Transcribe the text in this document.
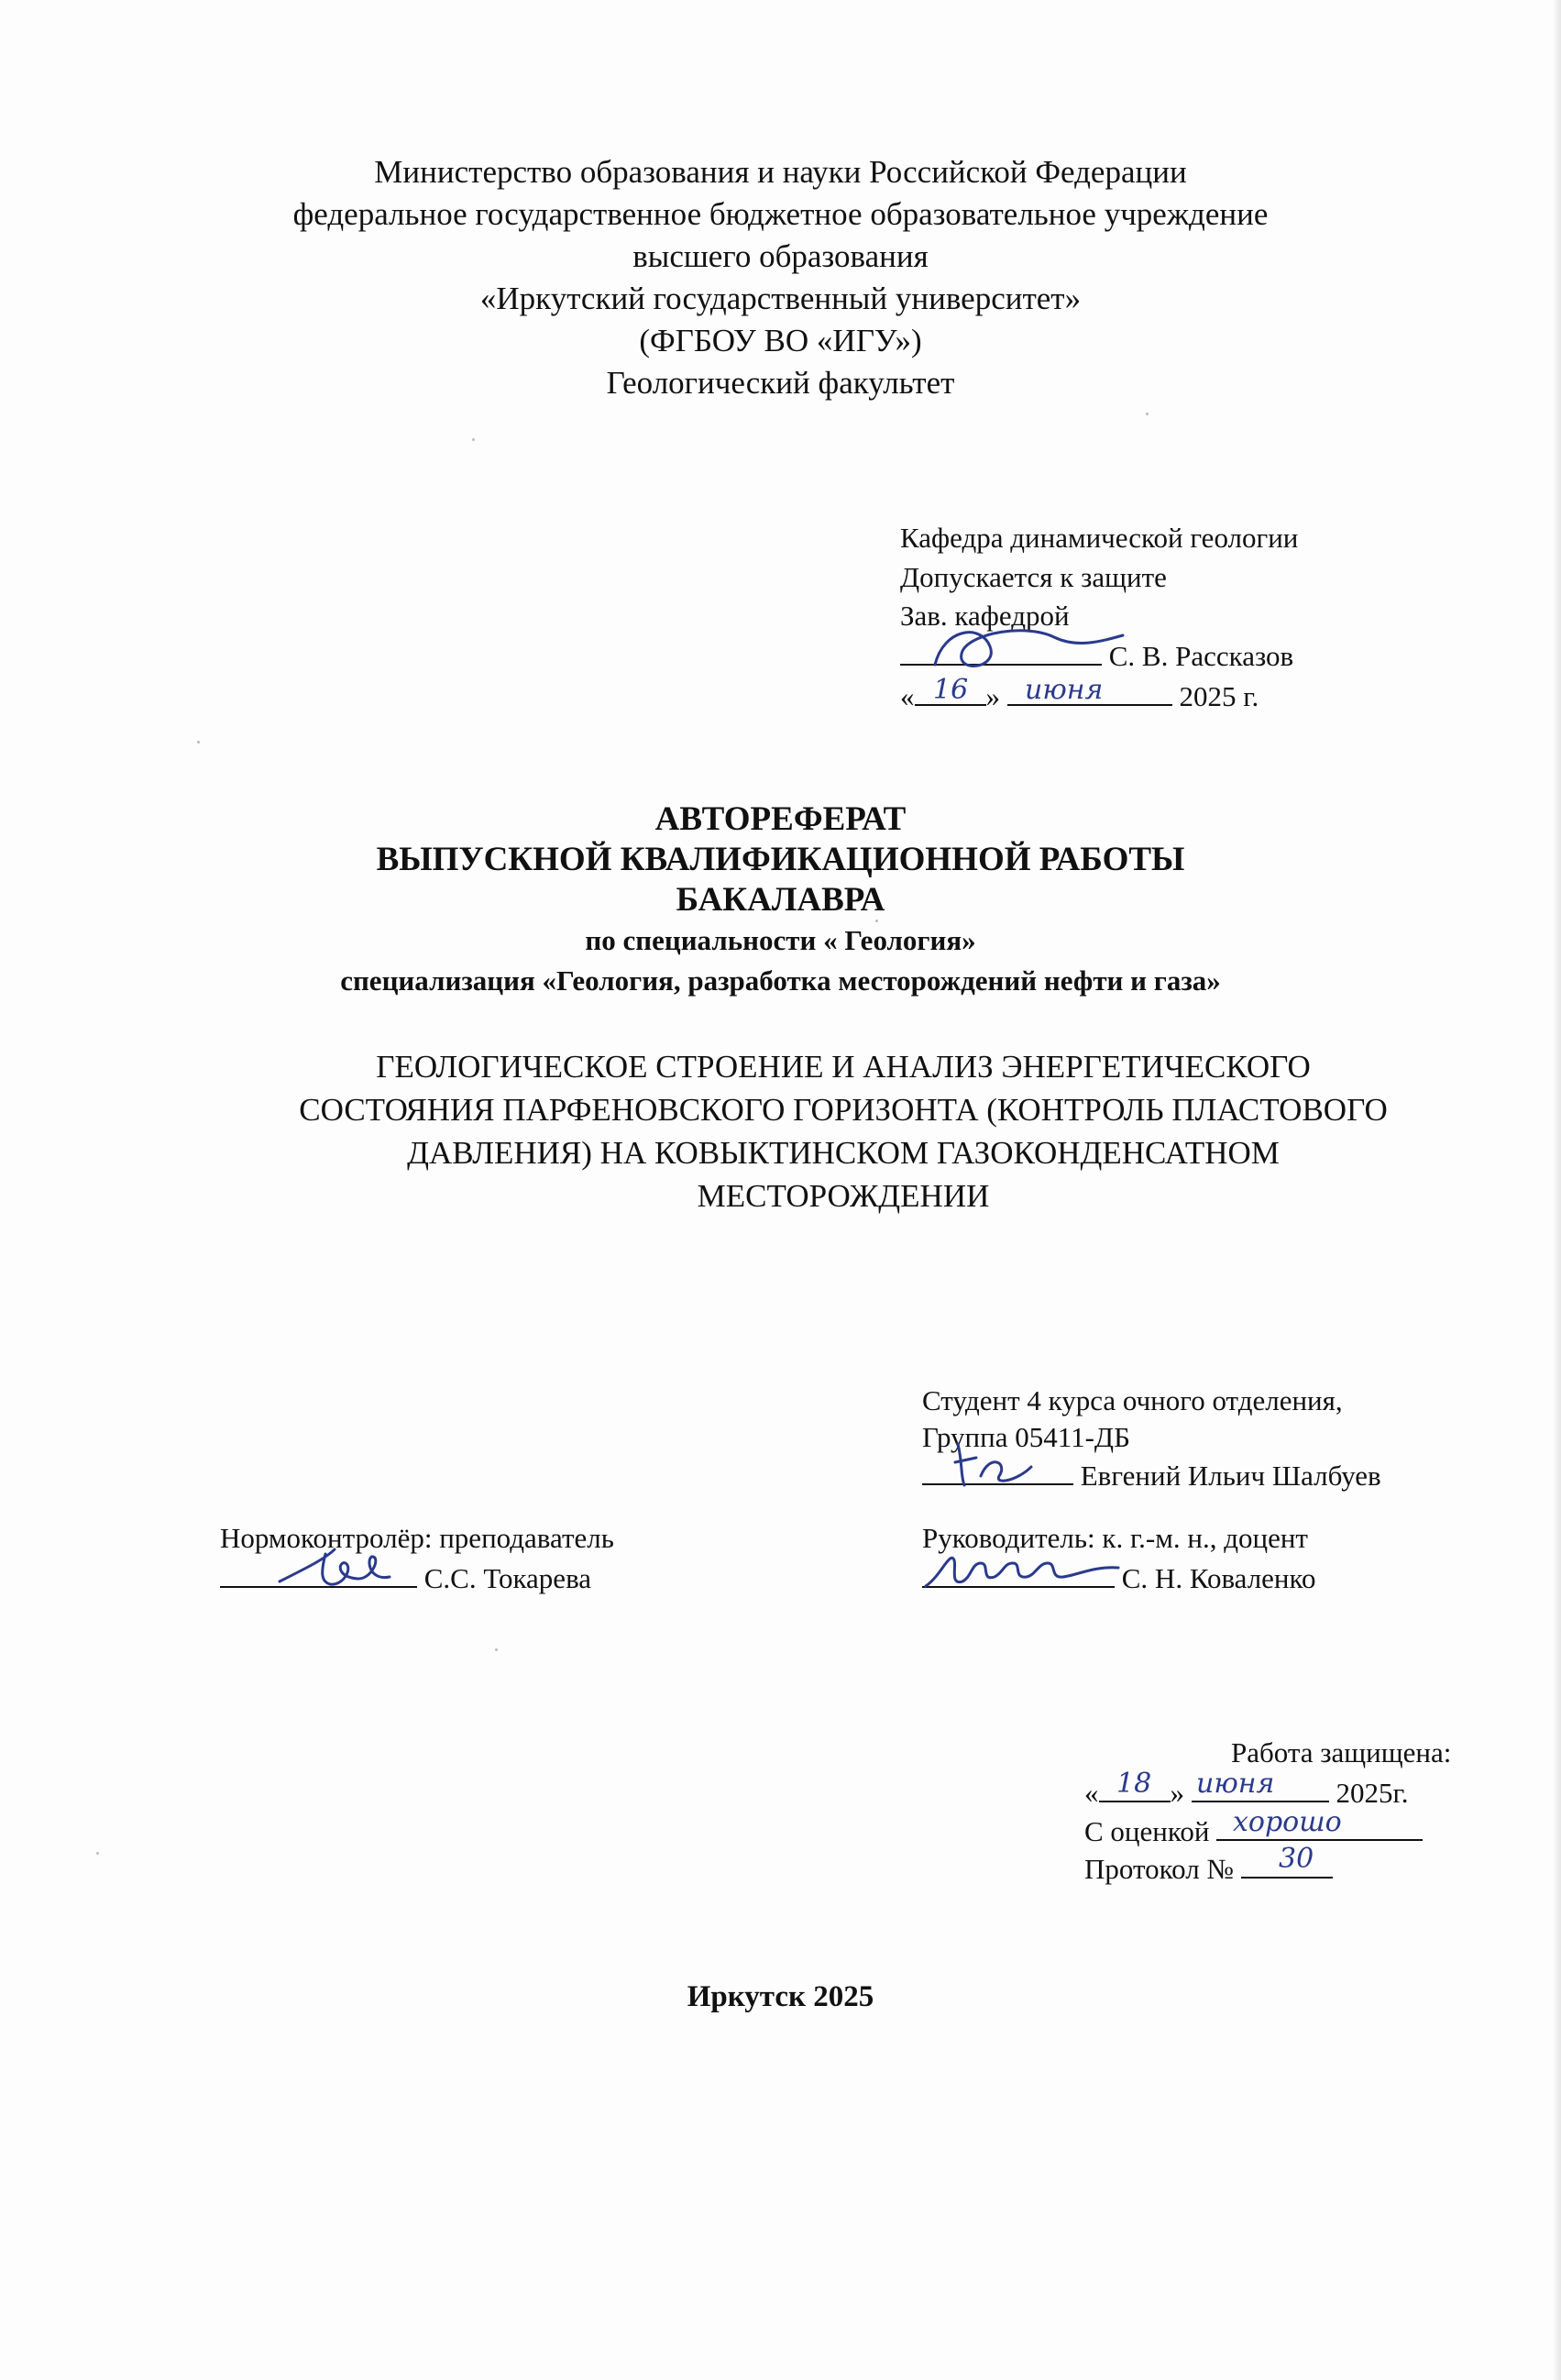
Министерство образования и науки Российской Федерации
федеральное государственное бюджетное образовательное учреждение
высшего образования
«Иркутский государственный университет»
(ФГБОУ ВО «ИГУ»)
Геологический факультет
Кафедра динамической геологии
Допускается к защите
Зав. кафедрой
С. В. Рассказов
«	»	2025 г.
16 июня
АВТОРЕФЕРАТ
ВЫПУСКНОЙ КВАЛИФИКАЦИОННОЙ РАБОТЫ
БАКАЛАВРА
по специальности « Геология»
специализация «Геология, разработка месторождений нефти и газа»
ГЕОЛОГИЧЕСКОЕ СТРОЕНИЕ И АНАЛИЗ ЭНЕРГЕТИЧЕСКОГО
СОСТОЯНИЯ ПАРФЕНОВСКОГО ГОРИЗОНТА (КОНТРОЛЬ ПЛАСТОВОГО
ДАВЛЕНИЯ) НА КОВЫКТИНСКОМ ГАЗОКОНДЕНСАТНОМ
МЕСТОРОЖДЕНИИ
Студент 4 курса очного отделения,
Группа 05411-ДБ
Евгений Ильич Шалбуев
Нормоконтролёр: преподаватель
С.С. Токарева
Руководитель: к. г.-м. н., доцент
С. Н. Коваленко
Работа защищена:
«	»	2025г.
18 июня
С оценкой хорошо
Протокол №	30
Иркутск 2025
